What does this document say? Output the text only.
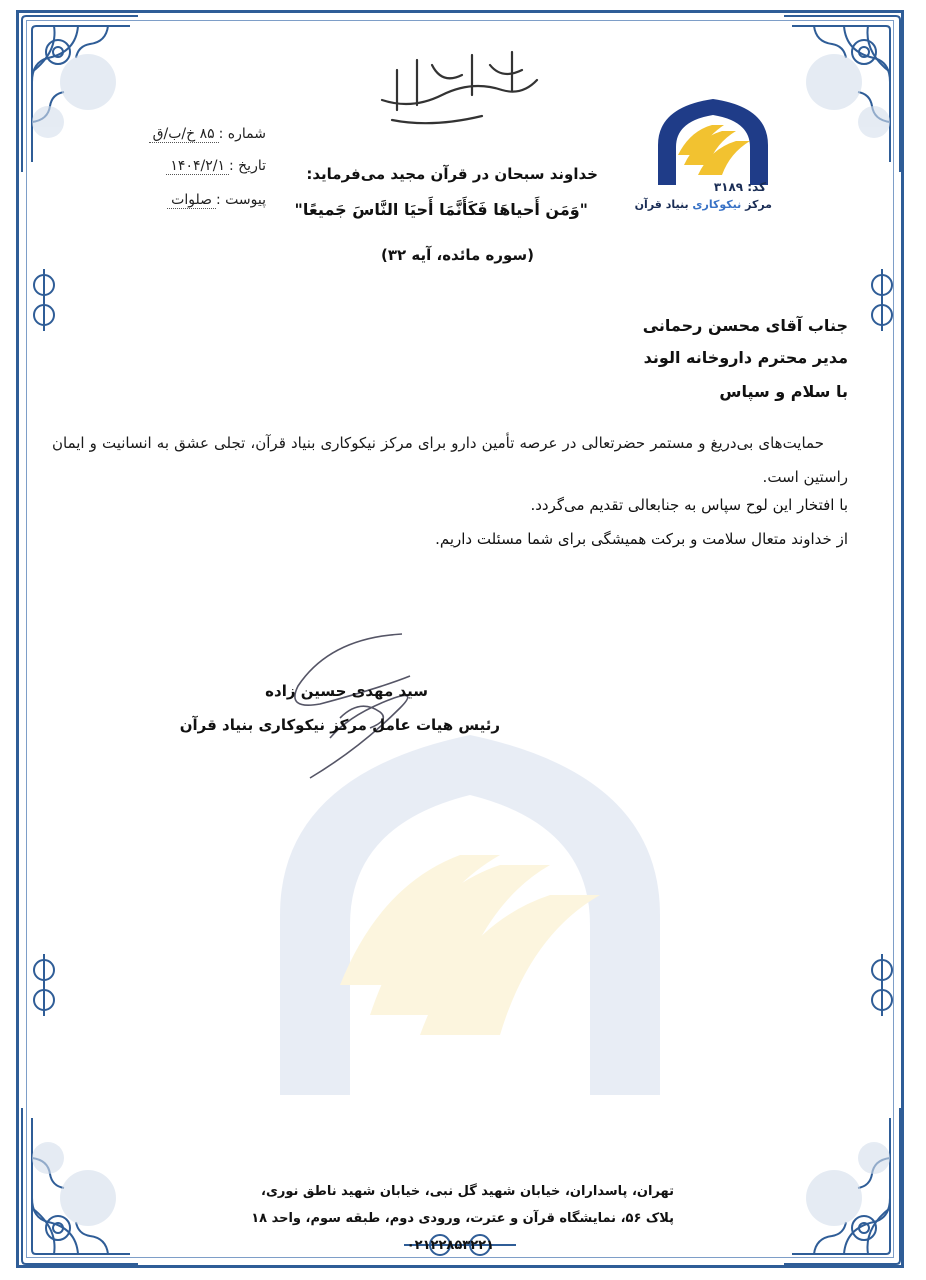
کد: ۳۱۸۹
مرکز نیکوکاری بنیاد قرآن
شماره :۸۵ خ/ب/ق
تاریخ :۱۴۰۴/۲/۱
پیوست :صلوات
خداوند سبحان در قرآن مجید می‌فرماید:
"وَمَن أَحیاهَا فَکَأَنَّمَا أَحیَا النَّاسَ جَمیعًا"
(سوره مائده، آیه ۳۲)
جناب آقای محسن رحمانی
مدیر محترم داروخانه الوند
با سلام و سپاس
حمایت‌های بی‌دریغ و مستمر حضرتعالی در عرصه تأمین دارو برای مرکز نیکوکاری بنیاد قرآن، تجلی عشق به انسانیت و ایمان راستین است.
با افتخار این لوح سپاس به جنابعالی تقدیم می‌گردد.
از خداوند متعال سلامت و برکت همیشگی برای شما مسئلت داریم.
سید مهدی حسین زاده
رئیس هیات عامل مرکز نیکوکاری بنیاد قرآن
تهران، پاسداران، خیابان شهید گل نبی، خیابان شهید ناطق نوری،
پلاک ۵۶، نمایشگاه قرآن و عترت، ورودی دوم، طبقه سوم، واحد ۱۸
۰۲۱۲۲۸۵۳۲۲۱
